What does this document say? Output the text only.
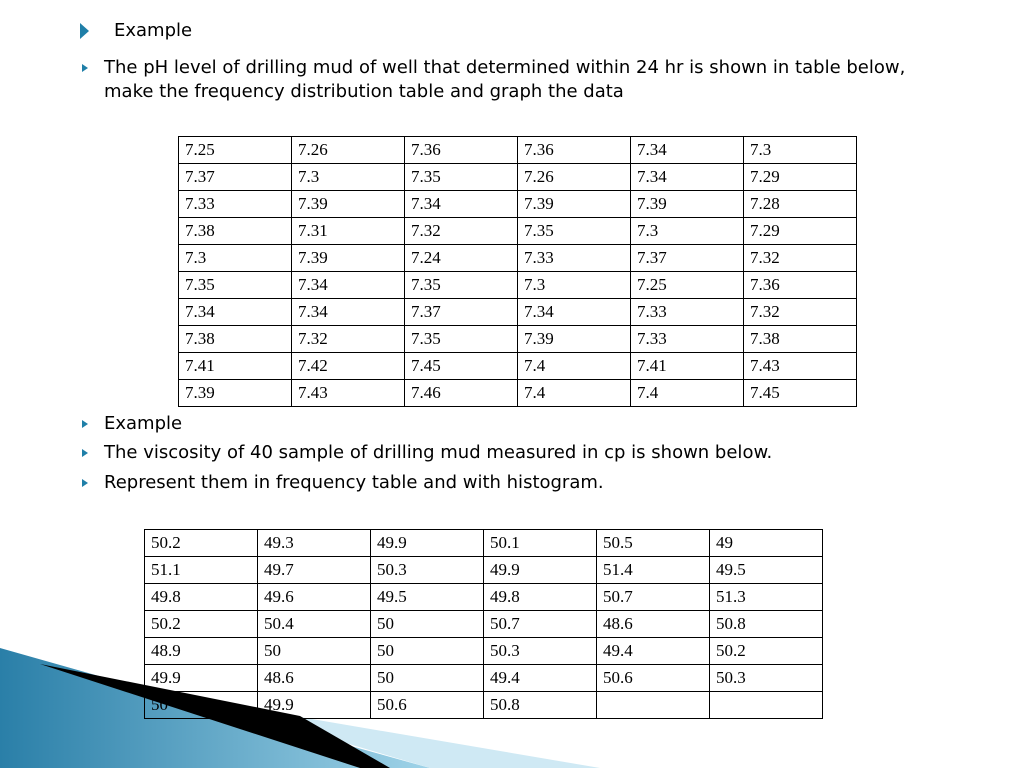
Example
The pH level of drilling mud of well that determined within 24 hr is shown in table below, make the frequency distribution table and graph the data
7.25	7.26	7.36	7.36	7.34	7.3
7.37	7.3	7.35	7.26	7.34	7.29
7.33	7.39	7.34	7.39	7.39	7.28
7.38	7.31	7.32	7.35	7.3	7.29
7.3	7.39	7.24	7.33	7.37	7.32
7.35	7.34	7.35	7.3	7.25	7.36
7.34	7.34	7.37	7.34	7.33	7.32
7.38	7.32	7.35	7.39	7.33	7.38
7.41	7.42	7.45	7.4	7.41	7.43
7.39	7.43	7.46	7.4	7.4	7.45
Example
The viscosity of 40 sample of drilling mud measured in cp is shown below.
Represent them in frequency table and with histogram.
50.2	49.3	49.9	50.1	50.5	49
51.1	49.7	50.3	49.9	51.4	49.5
49.8	49.6	49.5	49.8	50.7	51.3
50.2	50.4	50	50.7	48.6	50.8
48.9	50	50	50.3	49.4	50.2
49.9	48.6	50	49.4	50.6	50.3
50	49.9	50.6	50.8		
